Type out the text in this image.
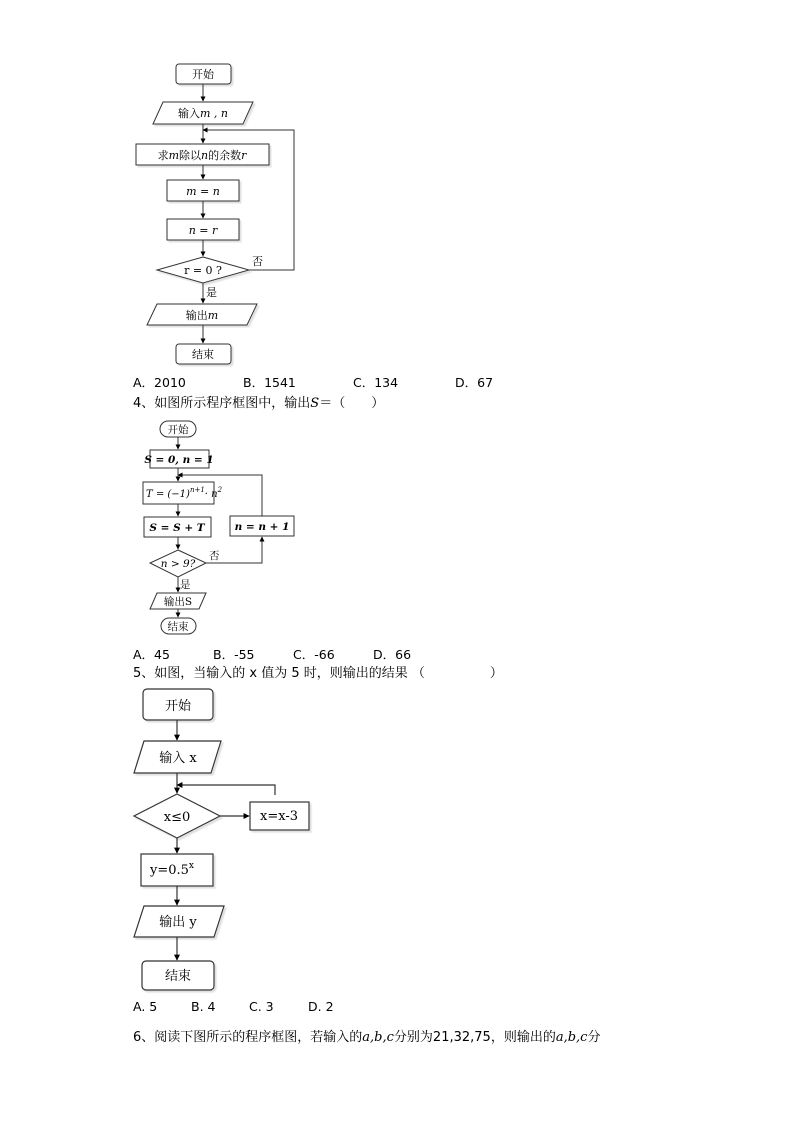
开始
输入m , n
求m除以n的余数r
m = n
n = r
r = 0 ?
否
是
输出m
结束
开始
S = 0, n = 1
$T = (-1)^{n+1}\cdot n^2$
S = S + T	n = n + 1
n > 9?
否
是
输出S
结束
开始
输入 x
x≤0	x=x-3
$y=0.5^x$
输出 y
结束
A．2010	B．1541	C．134	D．67
4、如图所示程序框图中，输出S＝（　　）
A．45	B．-55	C．-66	D．66
5、如图，当输入的 x 值为 5 时，则输出的结果 （　　　　　）
A. 5	B. 4	C. 3	D. 2
6、阅读下图所示的程序框图，若输入的a,b,c分别为21,32,75，则输出的a,b,c分
